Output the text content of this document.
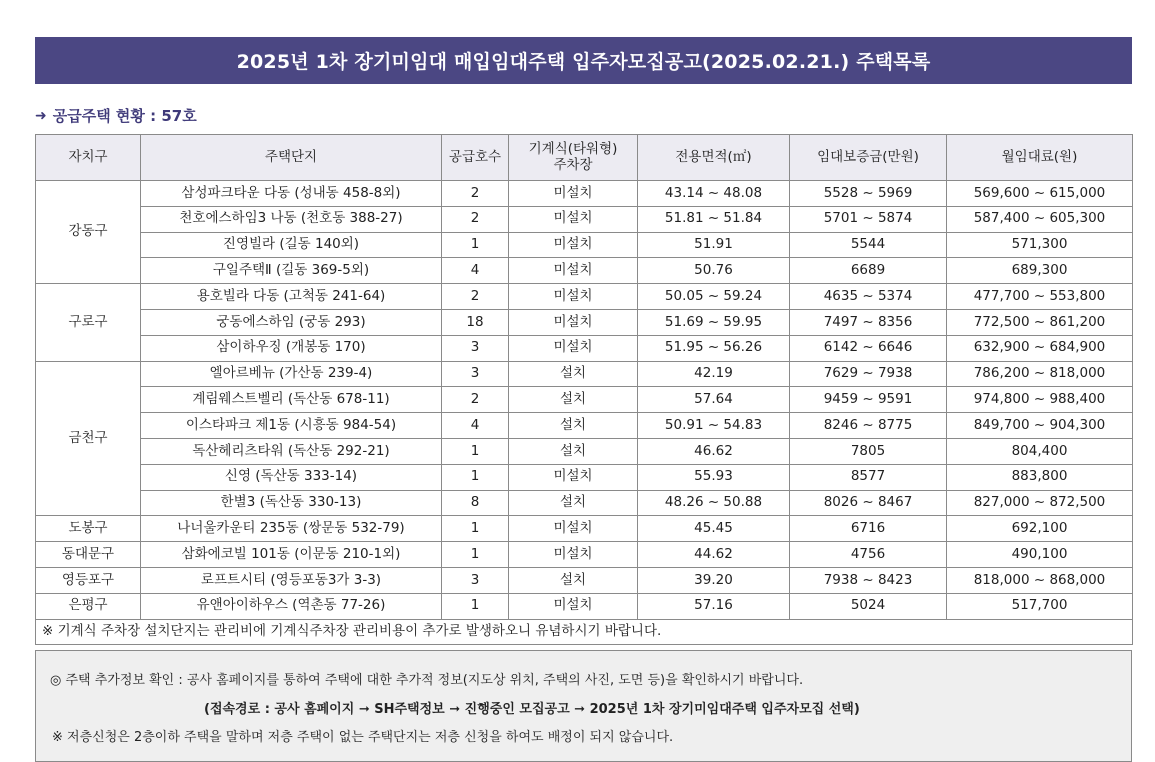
2025년 1차 장기미임대 매입임대주택 입주자모집공고(2025.02.21.) 주택목록
➜ 공급주택 현황 : 57호
자치구	주택단지	공급호수	기계식(타워형) 주차장	전용면적(㎡)	임대보증금(만원)	월임대료(원)
강동구	삼성파크타운 다동 (성내동 458-8외)	2	미설치	43.14 ~ 48.08	5528 ~ 5969	569,600 ~ 615,000
	천호에스하임3 나동 (천호동 388-27)	2	미설치	51.81 ~ 51.84	5701 ~ 5874	587,400 ~ 605,300
	진영빌라 (길동 140외)	1	미설치	51.91	5544	571,300
	구일주택Ⅱ (길동 369-5외)	4	미설치	50.76	6689	689,300
구로구	용호빌라 다동 (고척동 241-64)	2	미설치	50.05 ~ 59.24	4635 ~ 5374	477,700 ~ 553,800
	궁동에스하임 (궁동 293)	18	미설치	51.69 ~ 59.95	7497 ~ 8356	772,500 ~ 861,200
	삼이하우징 (개봉동 170)	3	미설치	51.95 ~ 56.26	6142 ~ 6646	632,900 ~ 684,900
금천구	엘아르베뉴 (가산동 239-4)	3	설치	42.19	7629 ~ 7938	786,200 ~ 818,000
	계림웨스트벨리 (독산동 678-11)	2	설치	57.64	9459 ~ 9591	974,800 ~ 988,400
	이스타파크 제1동 (시흥동 984-54)	4	설치	50.91 ~ 54.83	8246 ~ 8775	849,700 ~ 904,300
	독산헤리츠타워 (독산동 292-21)	1	설치	46.62	7805	804,400
	신영 (독산동 333-14)	1	미설치	55.93	8577	883,800
	한별3 (독산동 330-13)	8	설치	48.26 ~ 50.88	8026 ~ 8467	827,000 ~ 872,500
도봉구	나너울카운티 235동 (쌍문동 532-79)	1	미설치	45.45	6716	692,100
동대문구	삼화에코빌 101동 (이문동 210-1외)	1	미설치	44.62	4756	490,100
영등포구	로프트시티 (영등포동3가 3-3)	3	설치	39.20	7938 ~ 8423	818,000 ~ 868,000
은평구	유앤아이하우스 (역촌동 77-26)	1	미설치	57.16	5024	517,700
※ 기계식 주차장 설치단지는 관리비에 기계식주차장 관리비용이 추가로 발생하오니 유념하시기 바랍니다.						
◎ 주택 추가정보 확인 : 공사 홈페이지를 통하여 주택에 대한 추가적 정보(지도상 위치, 주택의 사진, 도면 등)을 확인하시기 바랍니다.
(접속경로 : 공사 홈페이지 ➞ SH주택정보 ➞ 진행중인 모집공고 ➞ 2025년 1차 장기미임대주택 입주자모집 선택)
※ 저층신청은 2층이하 주택을 말하며 저층 주택이 없는 주택단지는 저층 신청을 하여도 배정이 되지 않습니다.
